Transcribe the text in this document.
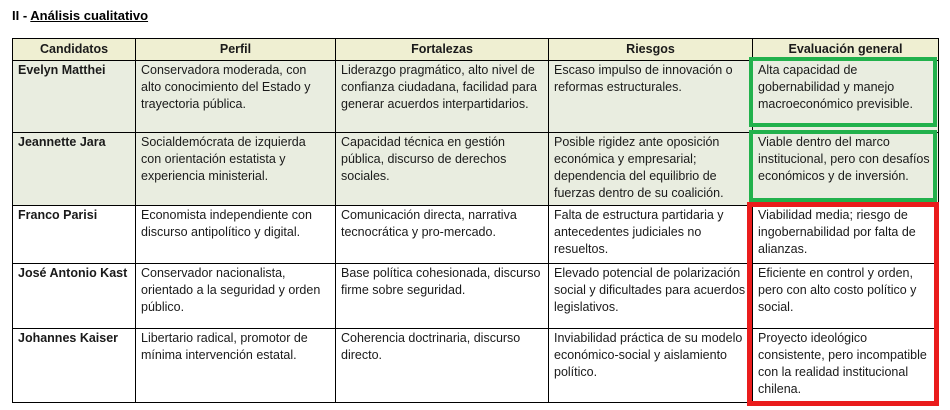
II - Análisis cualitativo
Candidatos	Perfil	Fortalezas	Riesgos	Evaluación general
Evelyn Matthei	Conservadora moderada, con alto conocimiento del Estado y trayectoria pública.	Liderazgo pragmático, alto nivel de confianza ciudadana, facilidad para generar acuerdos interpartidarios.	Escaso impulso de innovación o reformas estructurales.	Alta capacidad de gobernabilidad y manejo macroeconómico previsible.
Jeannette Jara	Socialdemócrata de izquierda con orientación estatista y experiencia ministerial.	Capacidad técnica en gestión pública, discurso de derechos sociales.	Posible rigidez ante oposición económica y empresarial; dependencia del equilibrio de fuerzas dentro de su coalición.	Viable dentro del marco institucional, pero con desafíos económicos y de inversión.
Franco Parisi	Economista independiente con discurso antipolítico y digital.	Comunicación directa, narrativa tecnocrática y pro-mercado.	Falta de estructura partidaria y antecedentes judiciales no resueltos.	Viabilidad media; riesgo de ingobernabilidad por falta de alianzas.
José Antonio Kast	Conservador nacionalista, orientado a la seguridad y orden público.	Base política cohesionada, discurso firme sobre seguridad.	Elevado potencial de polarización social y dificultades para acuerdos legislativos.	Eficiente en control y orden, pero con alto costo político y social.
Johannes Kaiser	Libertario radical, promotor de mínima intervención estatal.	Coherencia doctrinaria, discurso directo.	Inviabilidad práctica de su modelo económico-social y aislamiento político.	Proyecto ideológico consistente, pero incompatible con la realidad institucional chilena.
